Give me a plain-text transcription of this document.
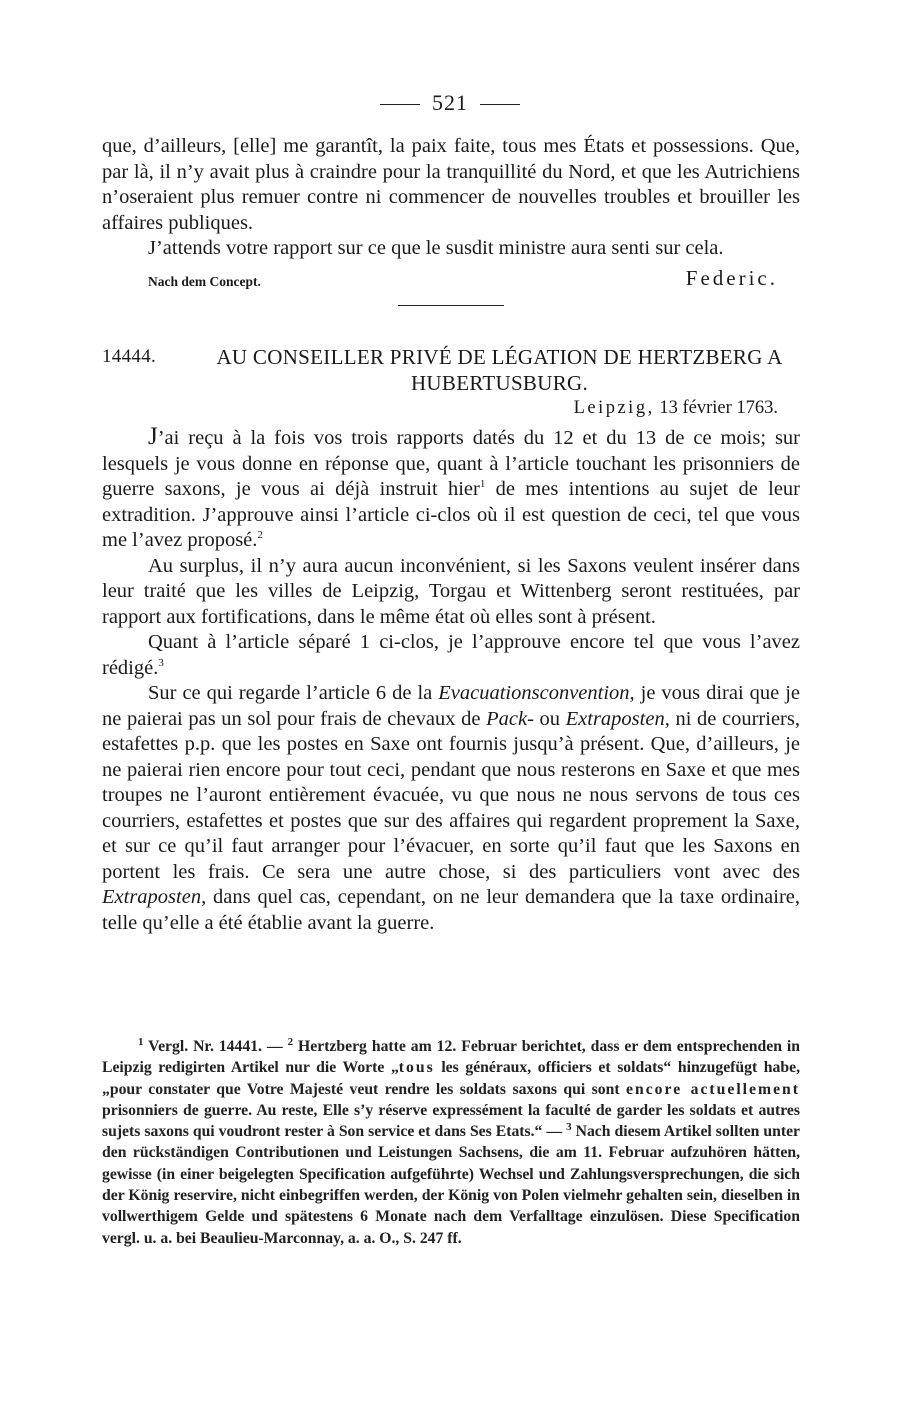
521

que, d’ailleurs, [elle] me garantît, la paix faite, tous mes États et possessions. Que, par là, il n’y avait plus à craindre pour la tranquillité du Nord, et que les Autrichiens n’oseraient plus remuer contre ni commencer de nouvelles troubles et brouiller les affaires publiques.

J’attends votre rapport sur ce que le susdit ministre aura senti sur cela.

Nach dem Concept.	Federic.
14444.	AU CONSEILLER PRIVÉ DE LÉGATION DE HERTZBERG A HUBERTUSBURG.
Leipzig, 13 février 1763.

J’ai reçu à la fois vos trois rapports datés du 12 et du 13 de ce mois; sur lesquels je vous donne en réponse que, quant à l’article touchant les prisonniers de guerre saxons, je vous ai déjà instruit hier$^1$ de mes intentions au sujet de leur extradition. J’approuve ainsi l’article ci-clos où il est question de ceci, tel que vous me l’avez proposé.$^2$

Au surplus, il n’y aura aucun inconvénient, si les Saxons veulent insérer dans leur traité que les villes de Leipzig, Torgau et Wittenberg seront restituées, par rapport aux fortifications, dans le même état où elles sont à présent.

Quant à l’article séparé 1 ci-clos, je l’approuve encore tel que vous l’avez rédigé.$^3$

Sur ce qui regarde l’article 6 de la Evacuationsconvention, je vous dirai que je ne paierai pas un sol pour frais de chevaux de Pack- ou Extraposten, ni de courriers, estafettes p.p. que les postes en Saxe ont fournis jusqu’à présent. Que, d’ailleurs, je ne paierai rien encore pour tout ceci, pendant que nous resterons en Saxe et que mes troupes ne l’auront entièrement évacuée, vu que nous ne nous servons de tous ces courriers, estafettes et postes que sur des affaires qui regardent proprement la Saxe, et sur ce qu’il faut arranger pour l’évacuer, en sorte qu’il faut que les Saxons en portent les frais. Ce sera une autre chose, si des particuliers vont avec des Extraposten, dans quel cas, cependant, on ne leur demandera que la taxe ordinaire, telle qu’elle a été établie avant la guerre.

$^1$ Vergl. Nr. 14441. — $^2$ Hertzberg hatte am 12. Februar berichtet, dass er dem entsprechenden in Leipzig redigirten Artikel nur die Worte „tous les généraux, officiers et soldats“ hinzugefügt habe, „pour constater que Votre Majesté veut rendre les soldats saxons qui sont encore actuellement prisonniers de guerre. Au reste, Elle s’y réserve expressément la faculté de garder les soldats et autres sujets saxons qui voudront rester à Son service et dans Ses Etats.“ — $^3$ Nach diesem Artikel sollten unter den rückständigen Contributionen und Leistungen Sachsens, die am 11. Februar aufzuhören hätten, gewisse (in einer beigelegten Specification aufgeführte) Wechsel und Zahlungsversprechungen, die sich der König reservire, nicht einbegriffen werden, der König von Polen vielmehr gehalten sein, dieselben in vollwerthigem Gelde und spätestens 6 Monate nach dem Verfalltage einzulösen. Diese Specification vergl. u. a. bei Beaulieu-Marconnay, a. a. O., S. 247 ff.
